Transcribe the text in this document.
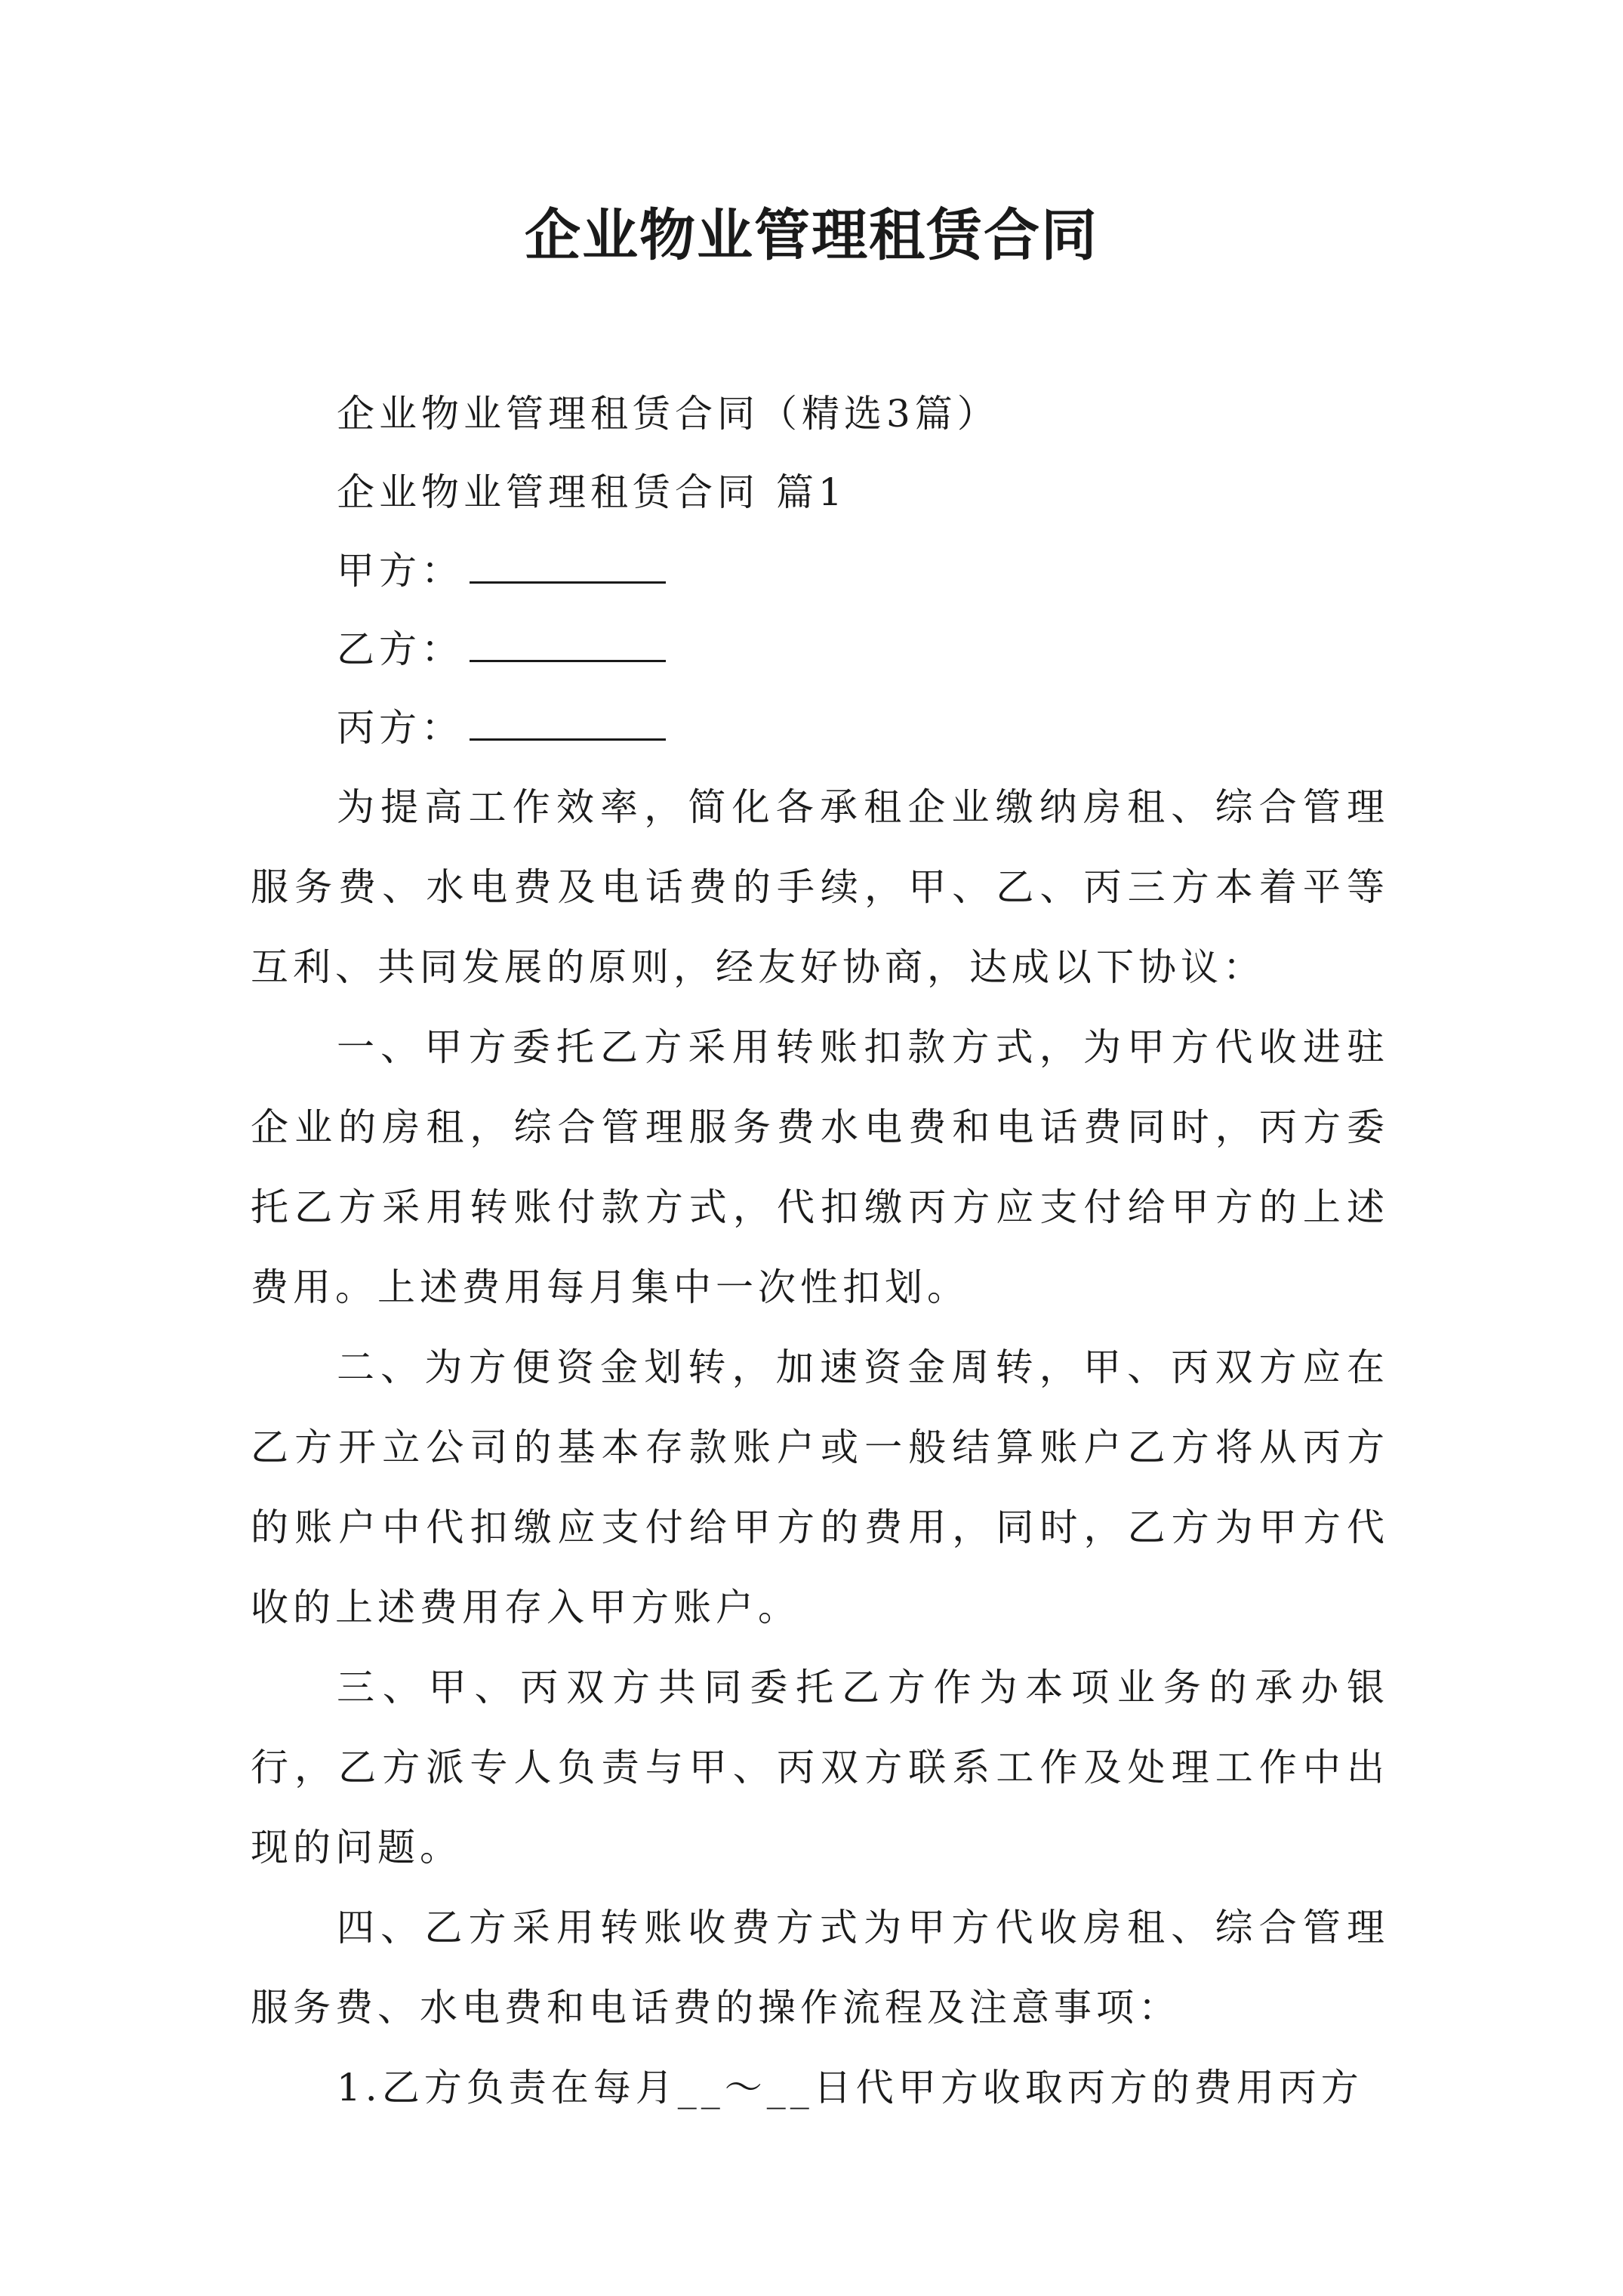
企业物业管理租赁合同
企业物业管理租赁合同（精选3篇）
企业物业管理租赁合同 篇1
甲方：
乙方：
丙方：
为提高工作效率，简化各承租企业缴纳房租、综合管理服务费、水电费及电话费的手续，甲、乙、丙三方本着平等互利、共同发展的原则，经友好协商，达成以下协议：
一、甲方委托乙方采用转账扣款方式，为甲方代收进驻企业的房租，综合管理服务费水电费和电话费同时，丙方委托乙方采用转账付款方式，代扣缴丙方应支付给甲方的上述费用。上述费用每月集中一次性扣划。
二、为方便资金划转，加速资金周转，甲、丙双方应在乙方开立公司的基本存款账户或一般结算账户乙方将从丙方的账户中代扣缴应支付给甲方的费用，同时，乙方为甲方代收的上述费用存入甲方账户。
三、甲、丙双方共同委托乙方作为本项业务的承办银行，乙方派专人负责与甲、丙双方联系工作及处理工作中出现的问题。
四、乙方采用转账收费方式为甲方代收房租、综合管理服务费、水电费和电话费的操作流程及注意事项：
1.乙方负责在每月__～__日代甲方收取丙方的费用丙方
